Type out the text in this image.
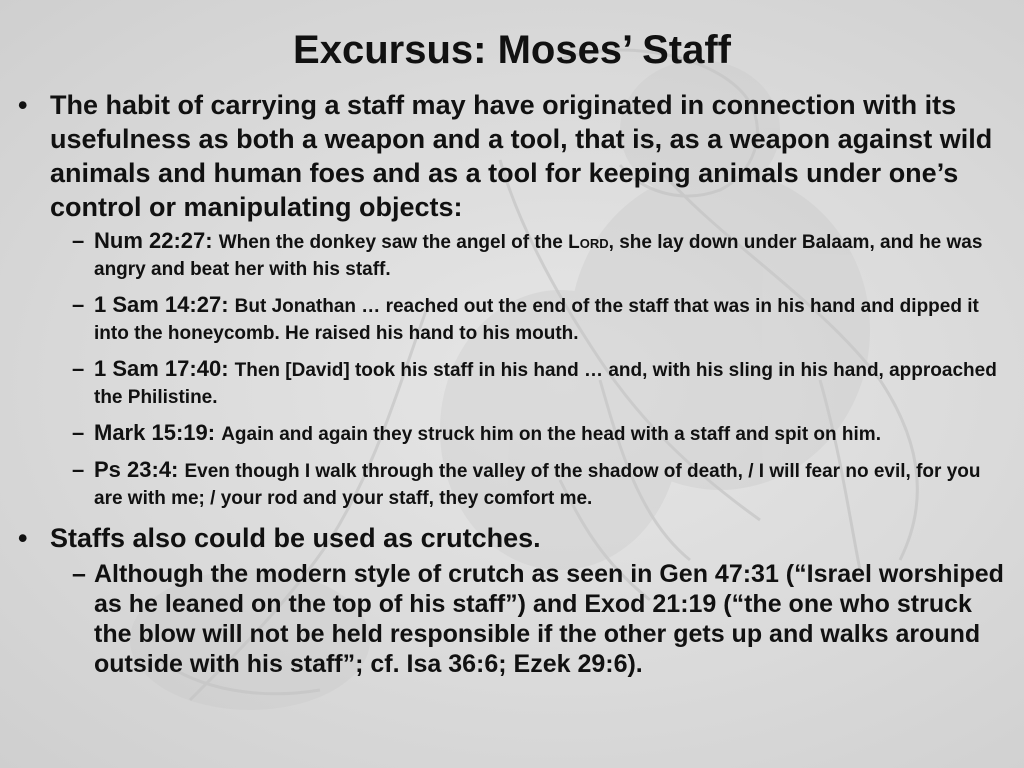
Excursus: Moses’ Staff
• The habit of carrying a staff may have originated in connection with its usefulness as both a weapon and a tool, that is, as a weapon against wild animals and human foes and as a tool for keeping animals under one’s control or manipulating objects:
– Num 22:27: When the donkey saw the angel of the Lord, she lay down under Balaam, and he was angry and beat her with his staff.
– 1 Sam 14:27: But Jonathan … reached out the end of the staff that was in his hand and dipped it into the honeycomb. He raised his hand to his mouth.
– 1 Sam 17:40: Then [David] took his staff in his hand … and, with his sling in his hand, approached the Philistine.
– Mark 15:19: Again and again they struck him on the head with a staff and spit on him.
– Ps 23:4: Even though I walk through the valley of the shadow of death, / I will fear no evil, for you are with me; / your rod and your staff, they comfort me.
• Staffs also could be used as crutches.
– Although the modern style of crutch as seen in Gen 47:31 (“Israel worshiped as he leaned on the top of his staff”) and Exod 21:19 (“the one who struck the blow will not be held responsible if the other gets up and walks around outside with his staff”; cf. Isa 36:6; Ezek 29:6).
